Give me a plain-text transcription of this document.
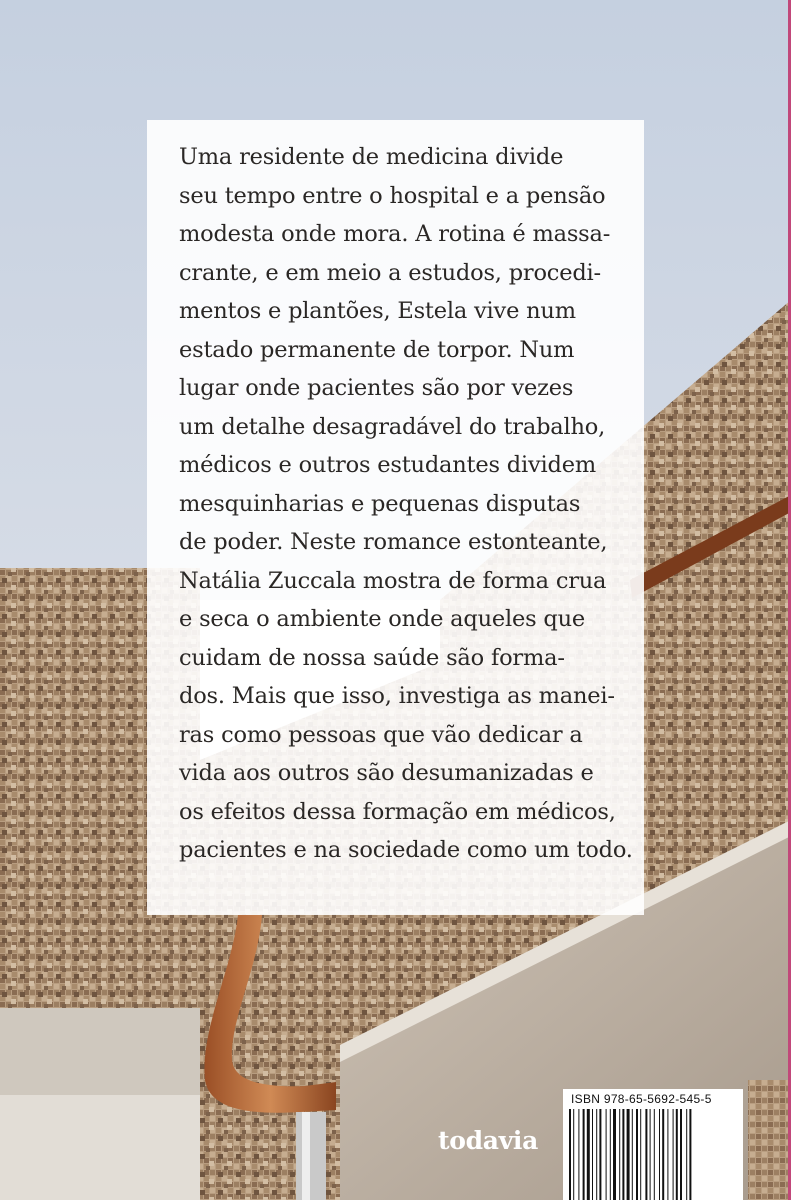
Uma residente de medicina divide
seu tempo entre o hospital e a pensão
modesta onde mora. A rotina é massa-
crante, e em meio a estudos, procedi-
mentos e plantões, Estela vive num
estado permanente de torpor. Num
lugar onde pacientes são por vezes
um detalhe desagradável do trabalho,
médicos e outros estudantes dividem
mesquinharias e pequenas disputas
de poder. Neste romance estonteante,
Natália Zuccala mostra de forma crua
e seca o ambiente onde aqueles que
cuidam de nossa saúde são forma-
dos. Mais que isso, investiga as manei-
ras como pessoas que vão dedicar a
vida aos outros são desumanizadas e
os efeitos dessa formação em médicos,
pacientes e na sociedade como um todo.
todavia
ISBN 978-65-5692-545-5
